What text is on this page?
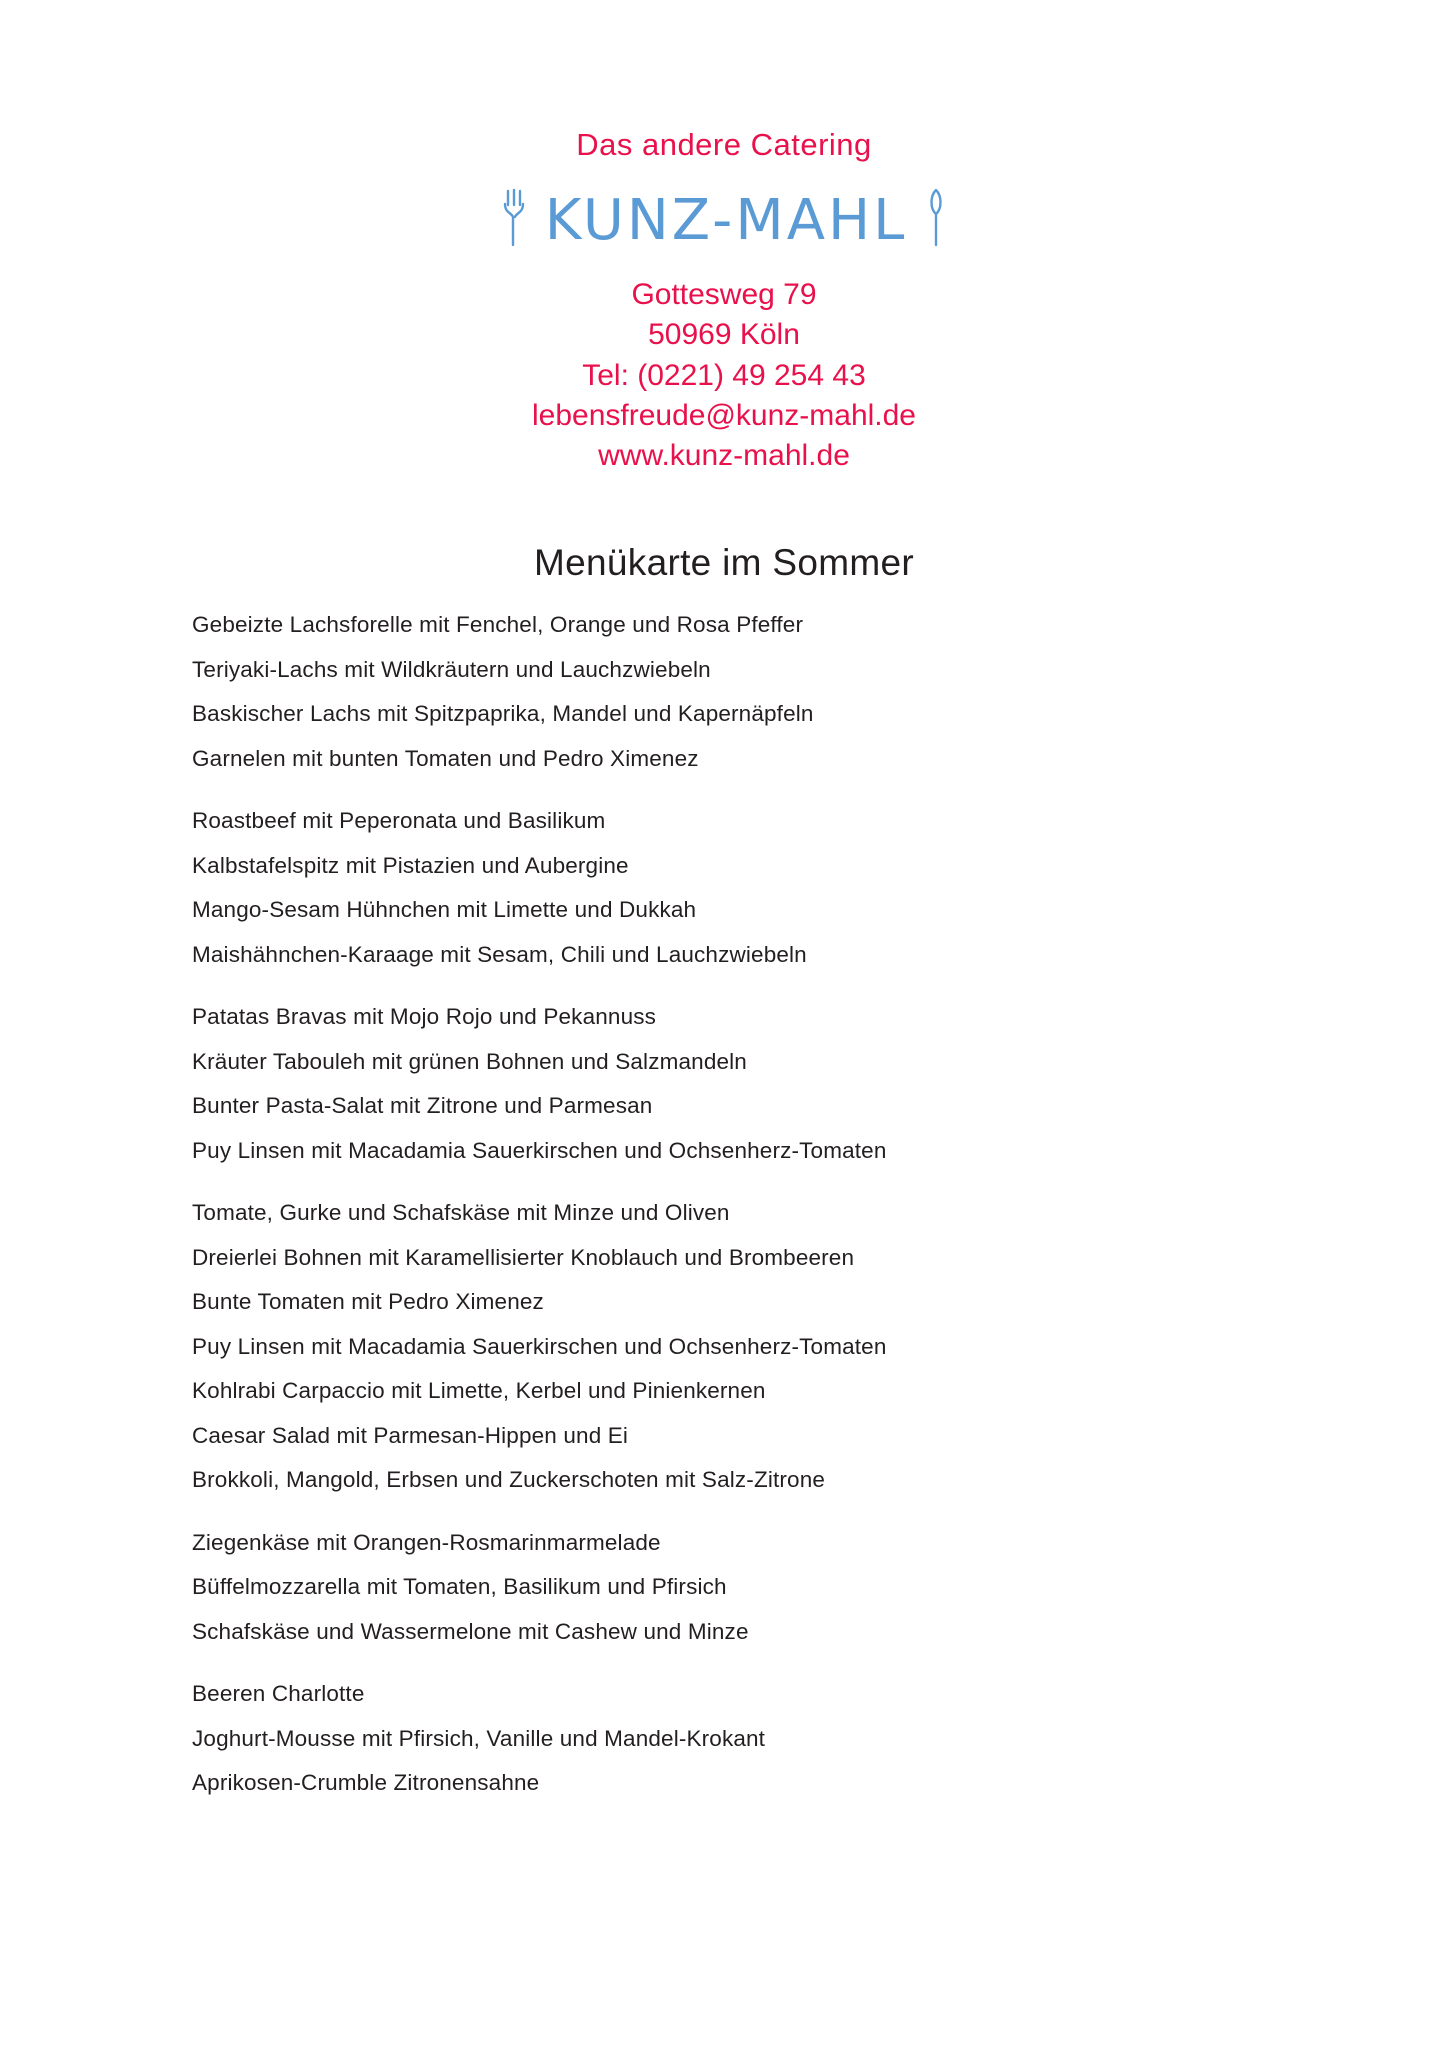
Das andere Catering
KUNZ-MAHL
Gottesweg 79
50969 Köln
Tel: (0221) 49 254 43
lebensfreude@kunz-mahl.de
www.kunz-mahl.de
Menükarte im Sommer
Gebeizte Lachsforelle mit Fenchel, Orange und Rosa Pfeffer
Teriyaki-Lachs mit Wildkräutern und Lauchzwiebeln
Baskischer Lachs mit Spitzpaprika, Mandel und Kapernäpfeln
Garnelen mit bunten Tomaten und Pedro Ximenez
Roastbeef mit Peperonata und Basilikum
Kalbstafelspitz mit Pistazien und Aubergine
Mango-Sesam Hühnchen mit Limette und Dukkah
Maishähnchen-Karaage mit Sesam, Chili und Lauchzwiebeln
Patatas Bravas mit Mojo Rojo und Pekannuss
Kräuter Tabouleh mit grünen Bohnen und Salzmandeln
Bunter Pasta-Salat mit Zitrone und Parmesan
Puy Linsen mit Macadamia Sauerkirschen und Ochsenherz-Tomaten
Tomate, Gurke und Schafskäse mit Minze und Oliven
Dreierlei Bohnen mit Karamellisierter Knoblauch und Brombeeren
Bunte Tomaten mit Pedro Ximenez
Puy Linsen mit Macadamia Sauerkirschen und Ochsenherz-Tomaten
Kohlrabi Carpaccio mit Limette, Kerbel und Pinienkernen
Caesar Salad mit Parmesan-Hippen und Ei
Brokkoli, Mangold, Erbsen und Zuckerschoten mit Salz-Zitrone
Ziegenkäse mit Orangen-Rosmarinmarmelade
Büffelmozzarella mit Tomaten, Basilikum und Pfirsich
Schafskäse und Wassermelone mit Cashew und Minze
Beeren Charlotte
Joghurt-Mousse mit Pfirsich, Vanille und Mandel-Krokant
Aprikosen-Crumble Zitronensahne
